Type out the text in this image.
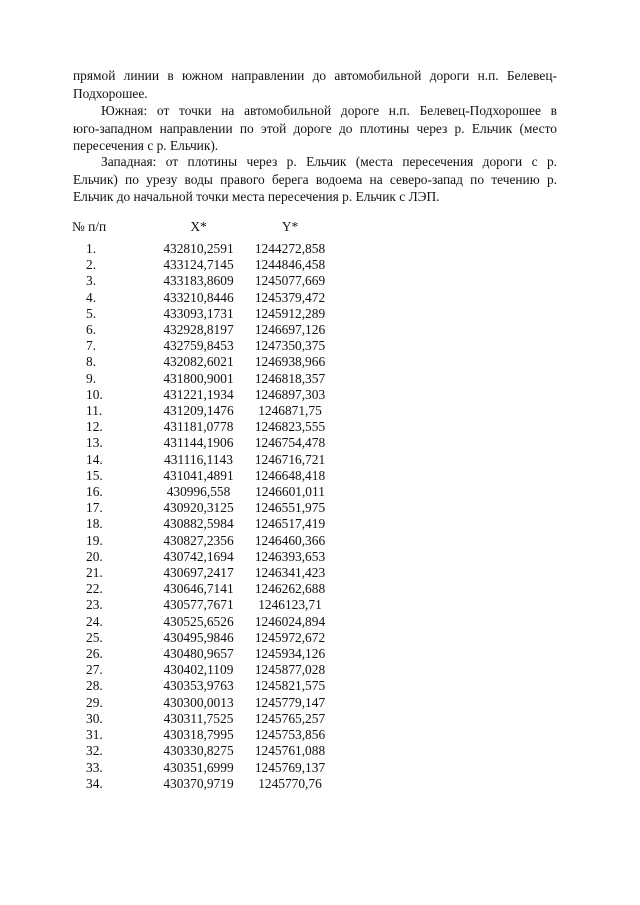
прямой линии в южном направлении до автомобильной дороги н.п. Белевец-
Подхорошее.
Южная: от точки на автомобильной дороге н.п. Белевец-Подхорошее в
юго-западном направлении по этой дороге до плотины через р. Ельчик (место
пересечения с р. Ельчик).
Западная: от плотины через р. Ельчик (места пересечения дороги с р.
Ельчик) по урезу воды правого берега водоема на северо-запад по течению р.
Ельчик до начальной точки места пересечения р. Ельчик с ЛЭП.
№ п/п	X*	Y*
1.	432810,2591	1244272,858
2.	433124,7145	1244846,458
3.	433183,8609	1245077,669
4.	433210,8446	1245379,472
5.	433093,1731	1245912,289
6.	432928,8197	1246697,126
7.	432759,8453	1247350,375
8.	432082,6021	1246938,966
9.	431800,9001	1246818,357
10.	431221,1934	1246897,303
11.	431209,1476	1246871,75
12.	431181,0778	1246823,555
13.	431144,1906	1246754,478
14.	431116,1143	1246716,721
15.	431041,4891	1246648,418
16.	430996,558	1246601,011
17.	430920,3125	1246551,975
18.	430882,5984	1246517,419
19.	430827,2356	1246460,366
20.	430742,1694	1246393,653
21.	430697,2417	1246341,423
22.	430646,7141	1246262,688
23.	430577,7671	1246123,71
24.	430525,6526	1246024,894
25.	430495,9846	1245972,672
26.	430480,9657	1245934,126
27.	430402,1109	1245877,028
28.	430353,9763	1245821,575
29.	430300,0013	1245779,147
30.	430311,7525	1245765,257
31.	430318,7995	1245753,856
32.	430330,8275	1245761,088
33.	430351,6999	1245769,137
34.	430370,9719	1245770,76
